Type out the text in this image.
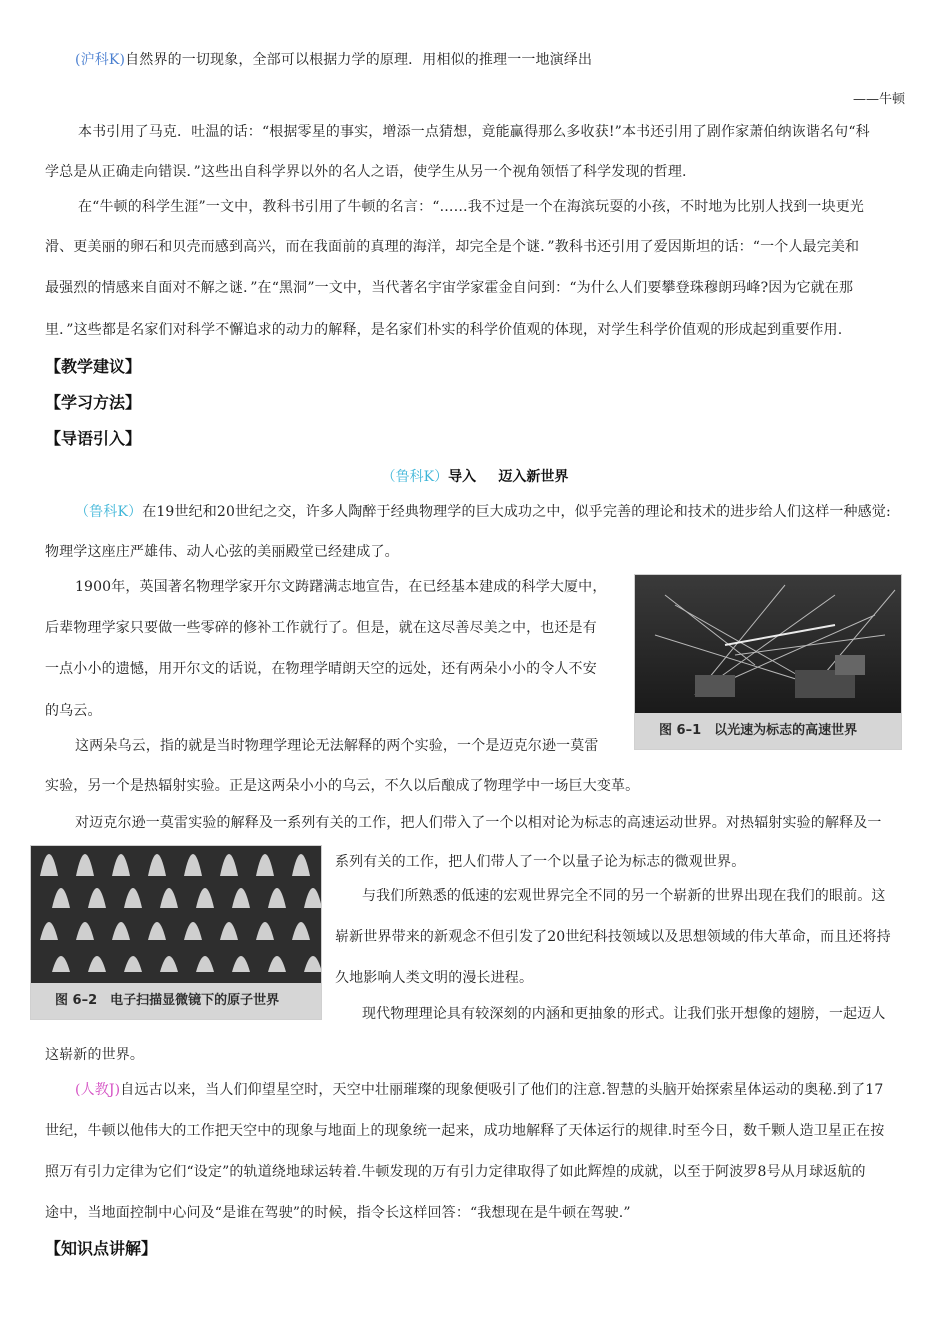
(沪科K)自然界的一切现象，全部可以根据力学的原理．用相似的推理一一地演绎出
——牛顿
本书引用了马克．吐温的话：“根据零星的事实，增添一点猜想，竟能赢得那么多收获!”本书还引用了剧作家萧伯纳诙谐名句“科
学总是从正确走向错误．”这些出自科学界以外的名人之语，使学生从另一个视角领悟了科学发现的哲理.
在“牛顿的科学生涯”一文中，教科书引用了牛顿的名言：“……我不过是一个在海滨玩耍的小孩，不时地为比别人找到一块更光
滑、更美丽的卵石和贝壳而感到高兴，而在我面前的真理的海洋，却完全是个谜．”教科书还引用了爱因斯坦的话：“一个人最完美和
最强烈的情感来自面对不解之谜．”在“黑洞”一文中，当代著名宇宙学家霍金自问到：“为什么人们要攀登珠穆朗玛峰?因为它就在那
里．”这些都是名家们对科学不懈追求的动力的解释，是名家们朴实的科学价值观的体现，对学生科学价值观的形成起到重要作用.
【教学建议】
【学习方法】
【导语引入】
（鲁科K）导入 迈入新世界
（鲁科K）在19世纪和20世纪之交，许多人陶醉于经典物理学的巨大成功之中，似乎完善的理论和技术的进步给人们这样一种感觉:
物理学这座庄严雄伟、动人心弦的美丽殿堂已经建成了。
1900年，英国著名物理学家开尔文踌躇满志地宣告，在已经基本建成的科学大厦中，
后辈物理学家只要做一些零碎的修补工作就行了。但是，就在这尽善尽美之中，也还是有
一点小小的遗憾，用开尔文的话说，在物理学晴朗天空的远处，还有两朵小小的令人不安
的乌云。
这两朵乌云，指的就是当时物理学理论无法解释的两个实验，一个是迈克尔逊一莫雷
实验，另一个是热辐射实验。正是这两朵小小的乌云，不久以后酿成了物理学中一场巨大变革。
图 6–1　以光速为标志的高速世界
对迈克尔逊一莫雷实验的解释及一系列有关的工作，把人们带入了一个以相对论为标志的高速运动世界。对热辐射实验的解释及一
图 6–2　电子扫描显微镜下的原子世界
系列有关的工作，把人们带人了一个以量子论为标志的微观世界。
与我们所熟悉的低速的宏观世界完全不同的另一个崭新的世界出现在我们的眼前。这
崭新世界带来的新观念不但引发了20世纪科技领域以及思想领域的伟大革命，而且还将持
久地影响人类文明的漫长进程。
现代物理理论具有较深刻的内涵和更抽象的形式。让我们张开想像的翅膀，一起迈人
这崭新的世界。
(人教J)自远古以来，当人们仰望星空时，天空中壮丽璀璨的现象便吸引了他们的注意.智慧的头脑开始探索星体运动的奥秘.到了17
世纪，牛顿以他伟大的工作把天空中的现象与地面上的现象统一起来，成功地解释了天体运行的规律.时至今日，数千颗人造卫星正在按
照万有引力定律为它们“设定”的轨道绕地球运转着.牛顿发现的万有引力定律取得了如此辉煌的成就，以至于阿波罗8号从月球返航的
途中，当地面控制中心问及“是谁在驾驶”的时候，指令长这样回答：“我想现在是牛顿在驾驶.”
【知识点讲解】
